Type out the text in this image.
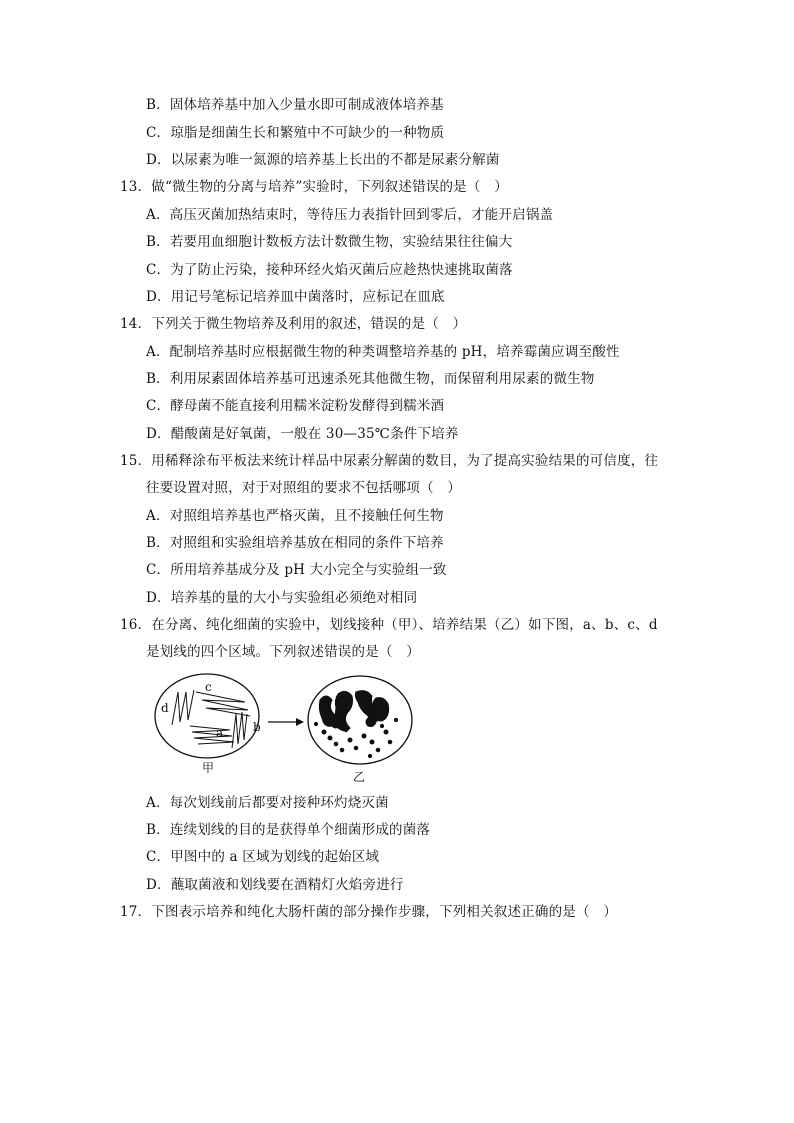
B．固体培养基中加入少量水即可制成液体培养基
C．琼脂是细菌生长和繁殖中不可缺少的一种物质
D．以尿素为唯一氮源的培养基上长出的不都是尿素分解菌
13．做“微生物的分离与培养”实验时，下列叙述错误的是（　）
A．高压灭菌加热结束时，等待压力表指针回到零后，才能开启锅盖
B．若要用血细胞计数板方法计数微生物，实验结果往往偏大
C．为了防止污染，接种环经火焰灭菌后应趁热快速挑取菌落
D．用记号笔标记培养皿中菌落时，应标记在皿底
14．下列关于微生物培养及利用的叙述，错误的是（　）
A．配制培养基时应根据微生物的种类调整培养基的 pH，培养霉菌应调至酸性
B．利用尿素固体培养基可迅速杀死其他微生物，而保留利用尿素的微生物
C．酵母菌不能直接利用糯米淀粉发酵得到糯米酒
D．醋酸菌是好氧菌，一般在 30—35℃条件下培养
15．用稀释涂布平板法来统计样品中尿素分解菌的数目，为了提高实验结果的可信度，往
往要设置对照，对于对照组的要求不包括哪项（　）
A．对照组培养基也严格灭菌，且不接触任何生物
B．对照组和实验组培养基放在相同的条件下培养
C．所用培养基成分及 pH 大小完全与实验组一致
D．培养基的量的大小与实验组必须绝对相同
16．在分离、纯化细菌的实验中，划线接种（甲）、培养结果（乙）如下图，a、b、c、d
是划线的四个区域。下列叙述错误的是（　）
d
c
b
a
甲
乙
A．每次划线前后都要对接种环灼烧灭菌
B．连续划线的目的是获得单个细菌形成的菌落
C．甲图中的 a 区域为划线的起始区域
D．蘸取菌液和划线要在酒精灯火焰旁进行
17．下图表示培养和纯化大肠杆菌的部分操作步骤，下列相关叙述正确的是（　）
